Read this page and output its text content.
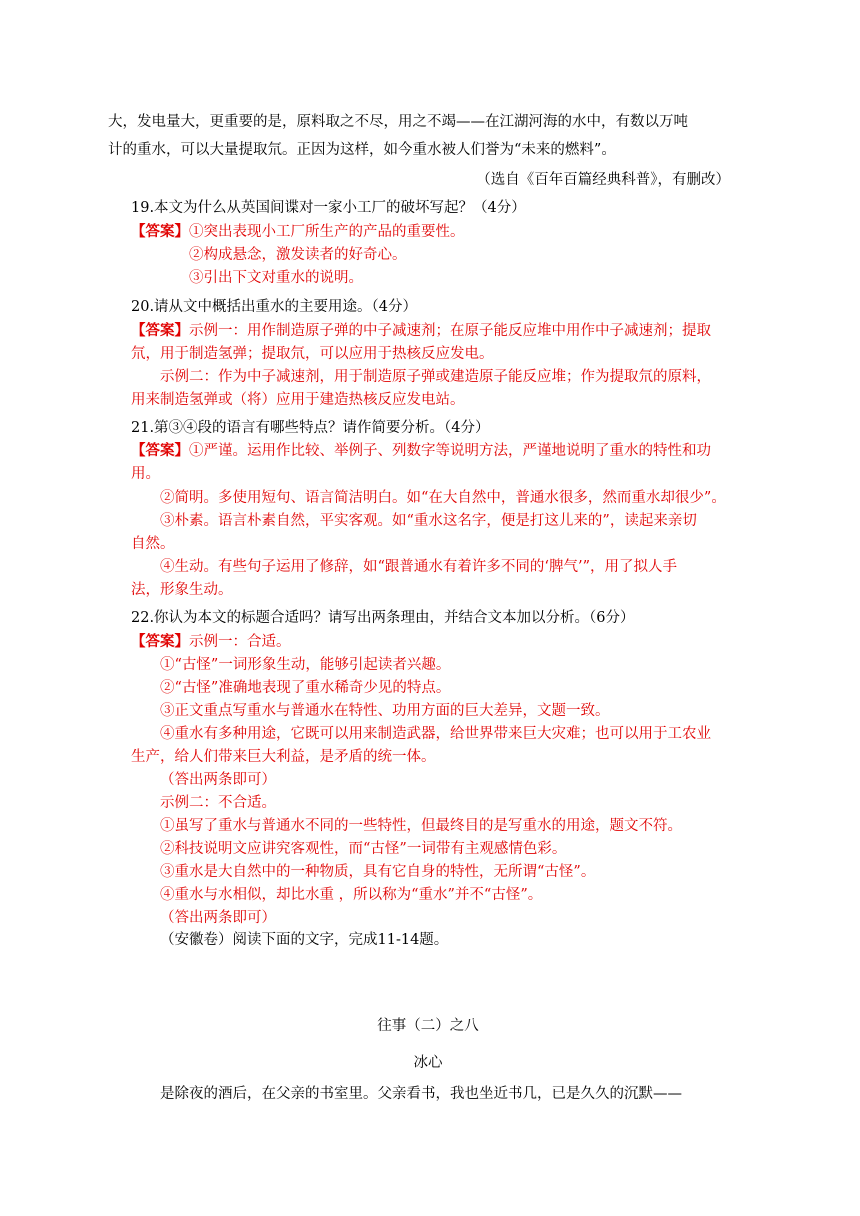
大，发电量大，更重要的是，原料取之不尽，用之不竭——在江湖河海的水中，有数以万吨
计的重水，可以大量提取氘。正因为这样，如今重水被人们誉为“未来的燃料”。
（选自《百年百篇经典科普》，有删改）
19.本文为什么从英国间谍对一家小工厂的破坏写起？（4分）
【答案】①突出表现小工厂所生产的产品的重要性。
②构成悬念，激发读者的好奇心。
③引出下文对重水的说明。
20.请从文中概括出重水的主要用途。（4分）
【答案】示例一：用作制造原子弹的中子减速剂；在原子能反应堆中用作中子减速剂；提取
氘，用于制造氢弹；提取氘，可以应用于热核反应发电。
示例二：作为中子减速剂，用于制造原子弹或建造原子能反应堆；作为提取氘的原料，
用来制造氢弹或（将）应用于建造热核反应发电站。
21.第③④段的语言有哪些特点？请作简要分析。（4分）
【答案】①严谨。运用作比较、举例子、列数字等说明方法，严谨地说明了重水的特性和功
用。
②简明。多使用短句、语言简洁明白。如“在大自然中，普通水很多，然而重水却很少”。
③朴素。语言朴素自然，平实客观。如“重水这名字，便是打这儿来的”，读起来亲切
自然。
④生动。有些句子运用了修辞，如“跟普通水有着许多不同的‘脾气’”，用了拟人手
法，形象生动。
22.你认为本文的标题合适吗？请写出两条理由，并结合文本加以分析。（6分）
【答案】示例一：合适。
①“古怪”一词形象生动，能够引起读者兴趣。
②“古怪”准确地表现了重水稀奇少见的特点。
③正文重点写重水与普通水在特性、功用方面的巨大差异，文题一致。
④重水有多种用途，它既可以用来制造武器，给世界带来巨大灾难；也可以用于工农业
生产，给人们带来巨大利益，是矛盾的统一体。
（答出两条即可）
示例二：不合适。
①虽写了重水与普通水不同的一些特性，但最终目的是写重水的用途，题文不符。
②科技说明文应讲究客观性，而“古怪”一词带有主观感情色彩。
③重水是大自然中的一种物质，具有它自身的特性，无所谓“古怪”。
④重水与水相似，却比水重 ，所以称为“重水”并不“古怪”。
（答出两条即可）
（安徽卷）阅读下面的文字，完成11-14题。
往事（二）之八
冰心
是除夜的酒后，在父亲的书室里。父亲看书，我也坐近书几，已是久久的沉默——
